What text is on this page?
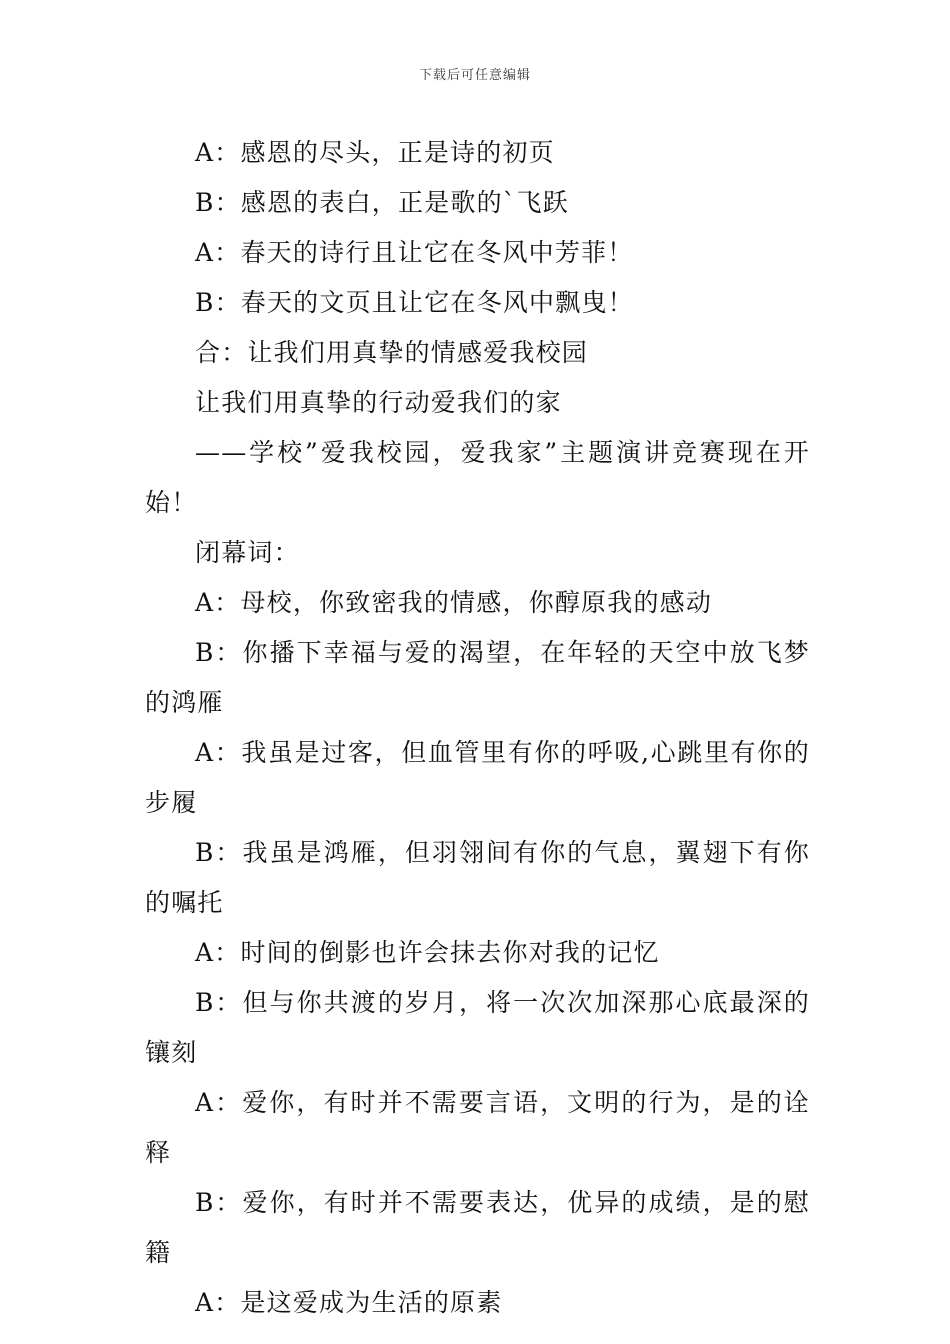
下载后可任意编辑

A：感恩的尽头，正是诗的初页

B：感恩的表白，正是歌的`飞跃

A：春天的诗行且让它在冬风中芳菲！

B：春天的文页且让它在冬风中飘曳！

合：让我们用真挚的情感爱我校园

让我们用真挚的行动爱我们的家

——学校”爱我校园，爱我家”主题演讲竞赛现在开始！

闭幕词：

A：母校，你致密我的情感，你醇原我的感动

B：你播下幸福与爱的渴望，在年轻的天空中放飞梦的鸿雁

A：我虽是过客，但血管里有你的呼吸,心跳里有你的步履

B：我虽是鸿雁，但羽翎间有你的气息，翼翅下有你的嘱托

A：时间的倒影也许会抹去你对我的记忆

B：但与你共渡的岁月，将一次次加深那心底最深的镶刻

A：爱你，有时并不需要言语，文明的行为，是的诠释

B：爱你，有时并不需要表达，优异的成绩，是的慰籍

A：是这爱成为生活的原素
